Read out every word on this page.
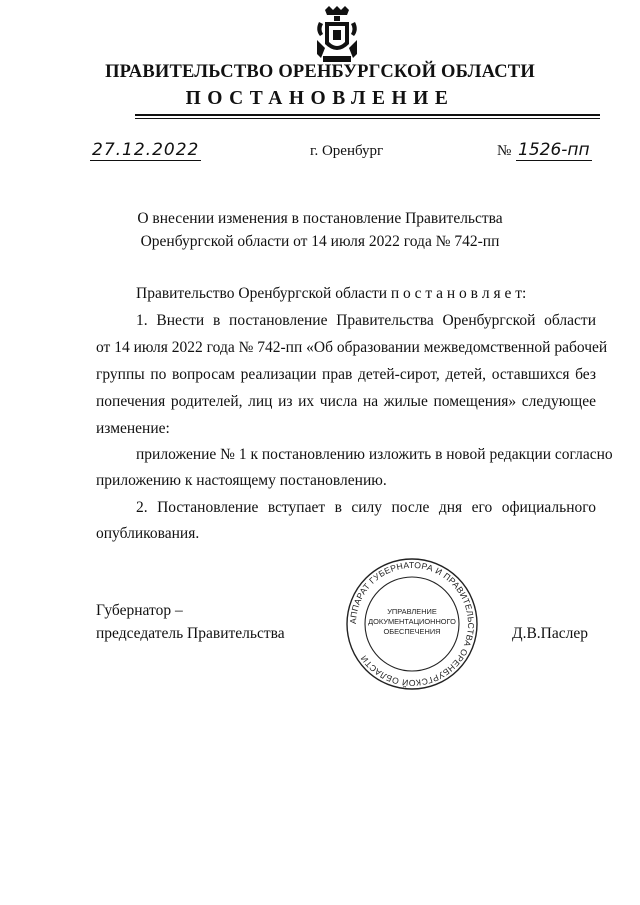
ПРАВИТЕЛЬСТВО ОРЕНБУРГСКОЙ ОБЛАСТИ
ПОСТАНОВЛЕНИЕ
27.12.2022	г. Оренбург	№ 1526-пп
О внесении изменения в постановление Правительства
Оренбургской области от 14 июля 2022 года № 742-пп
Правительство Оренбургской области п о с т а н о в л я е т:
1. Внести в постановление Правительства Оренбургской области
от 14 июля 2022 года № 742-пп «Об образовании межведомственной рабочей
группы по вопросам реализации прав детей-сирот, детей, оставшихся без
попечения родителей, лиц из их числа на жилые помещения» следующее
изменение:
приложение № 1 к постановлению изложить в новой редакции согласно
приложению к настоящему постановлению.
2. Постановление вступает в силу после дня его официального
опубликования.
Губернатор –
председатель Правительства	Д.В.Паслер
АППАРАТ ГУБЕРНАТОРА И ПРАВИТЕЛЬСТВА ОРЕНБУРГСКОЙ ОБЛАСТИ
УПРАВЛЕНИЕ
ДОКУМЕНТАЦИОННОГО
ОБЕСПЕЧЕНИЯ
